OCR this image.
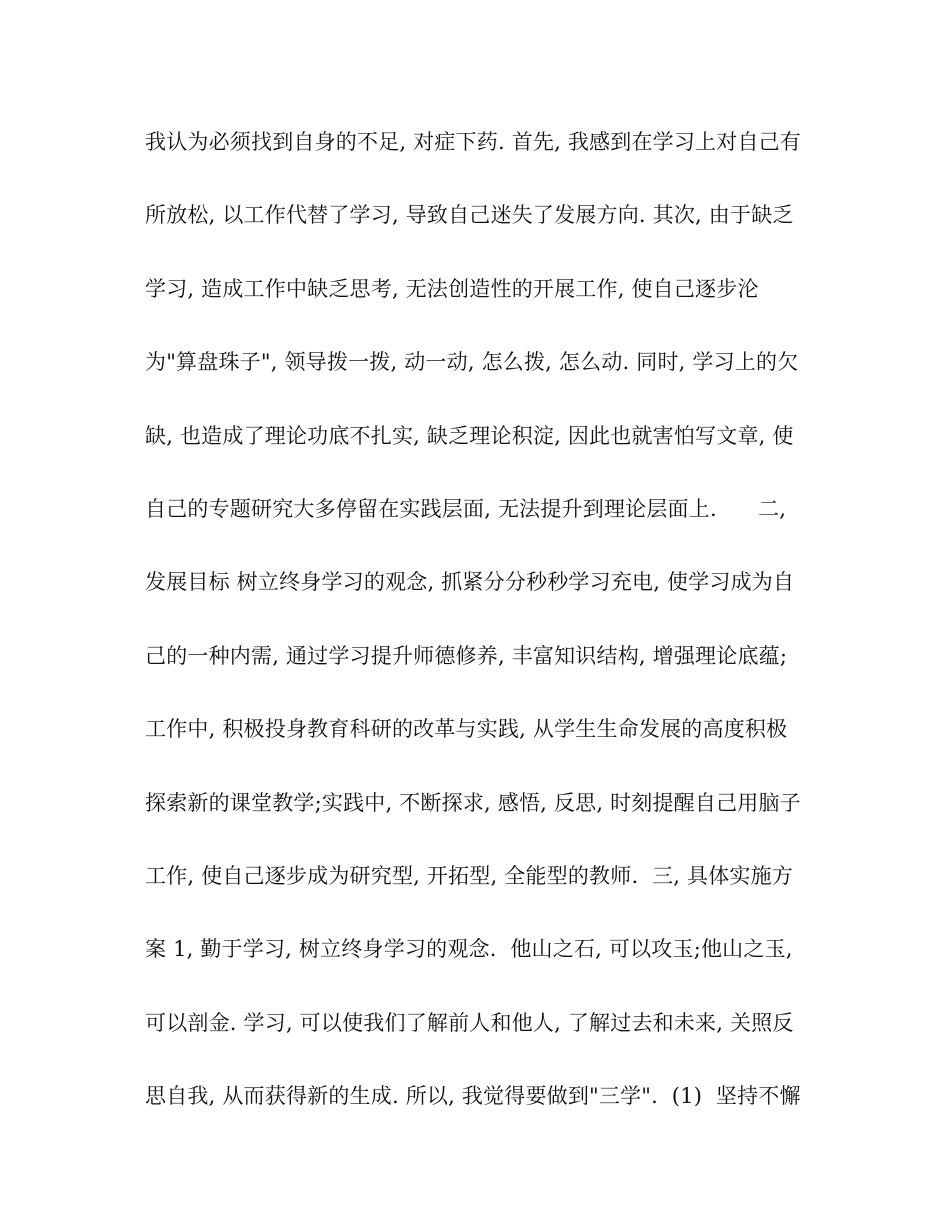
我认为必须找到自身的不足, 对症下药. 首先, 我感到在学习上对自己有
所放松, 以工作代替了学习, 导致自己迷失了发展方向. 其次, 由于缺乏
学习, 造成工作中缺乏思考, 无法创造性的开展工作, 使自己逐步沦
为"算盘珠子", 领导拨一拨, 动一动, 怎么拨, 怎么动. 同时, 学习上的欠
缺, 也造成了理论功底不扎实, 缺乏理论积淀, 因此也就害怕写文章, 使
自己的专题研究大多停留在实践层面, 无法提升到理论层面上.      二,
发展目标 树立终身学习的观念, 抓紧分分秒秒学习充电, 使学习成为自
己的一种内需, 通过学习提升师德修养, 丰富知识结构, 增强理论底蕴;
工作中, 积极投身教育科研的改革与实践, 从学生生命发展的高度积极
探索新的课堂教学;实践中, 不断探求, 感悟, 反思, 时刻提醒自己用脑子
工作, 使自己逐步成为研究型, 开拓型, 全能型的教师.  三, 具体实施方
案 1, 勤于学习, 树立终身学习的观念.  他山之石, 可以攻玉;他山之玉,
可以剖金. 学习, 可以使我们了解前人和他人, 了解过去和未来, 关照反
思自我, 从而获得新的生成. 所以, 我觉得要做到"三学".  (1)  坚持不懈
